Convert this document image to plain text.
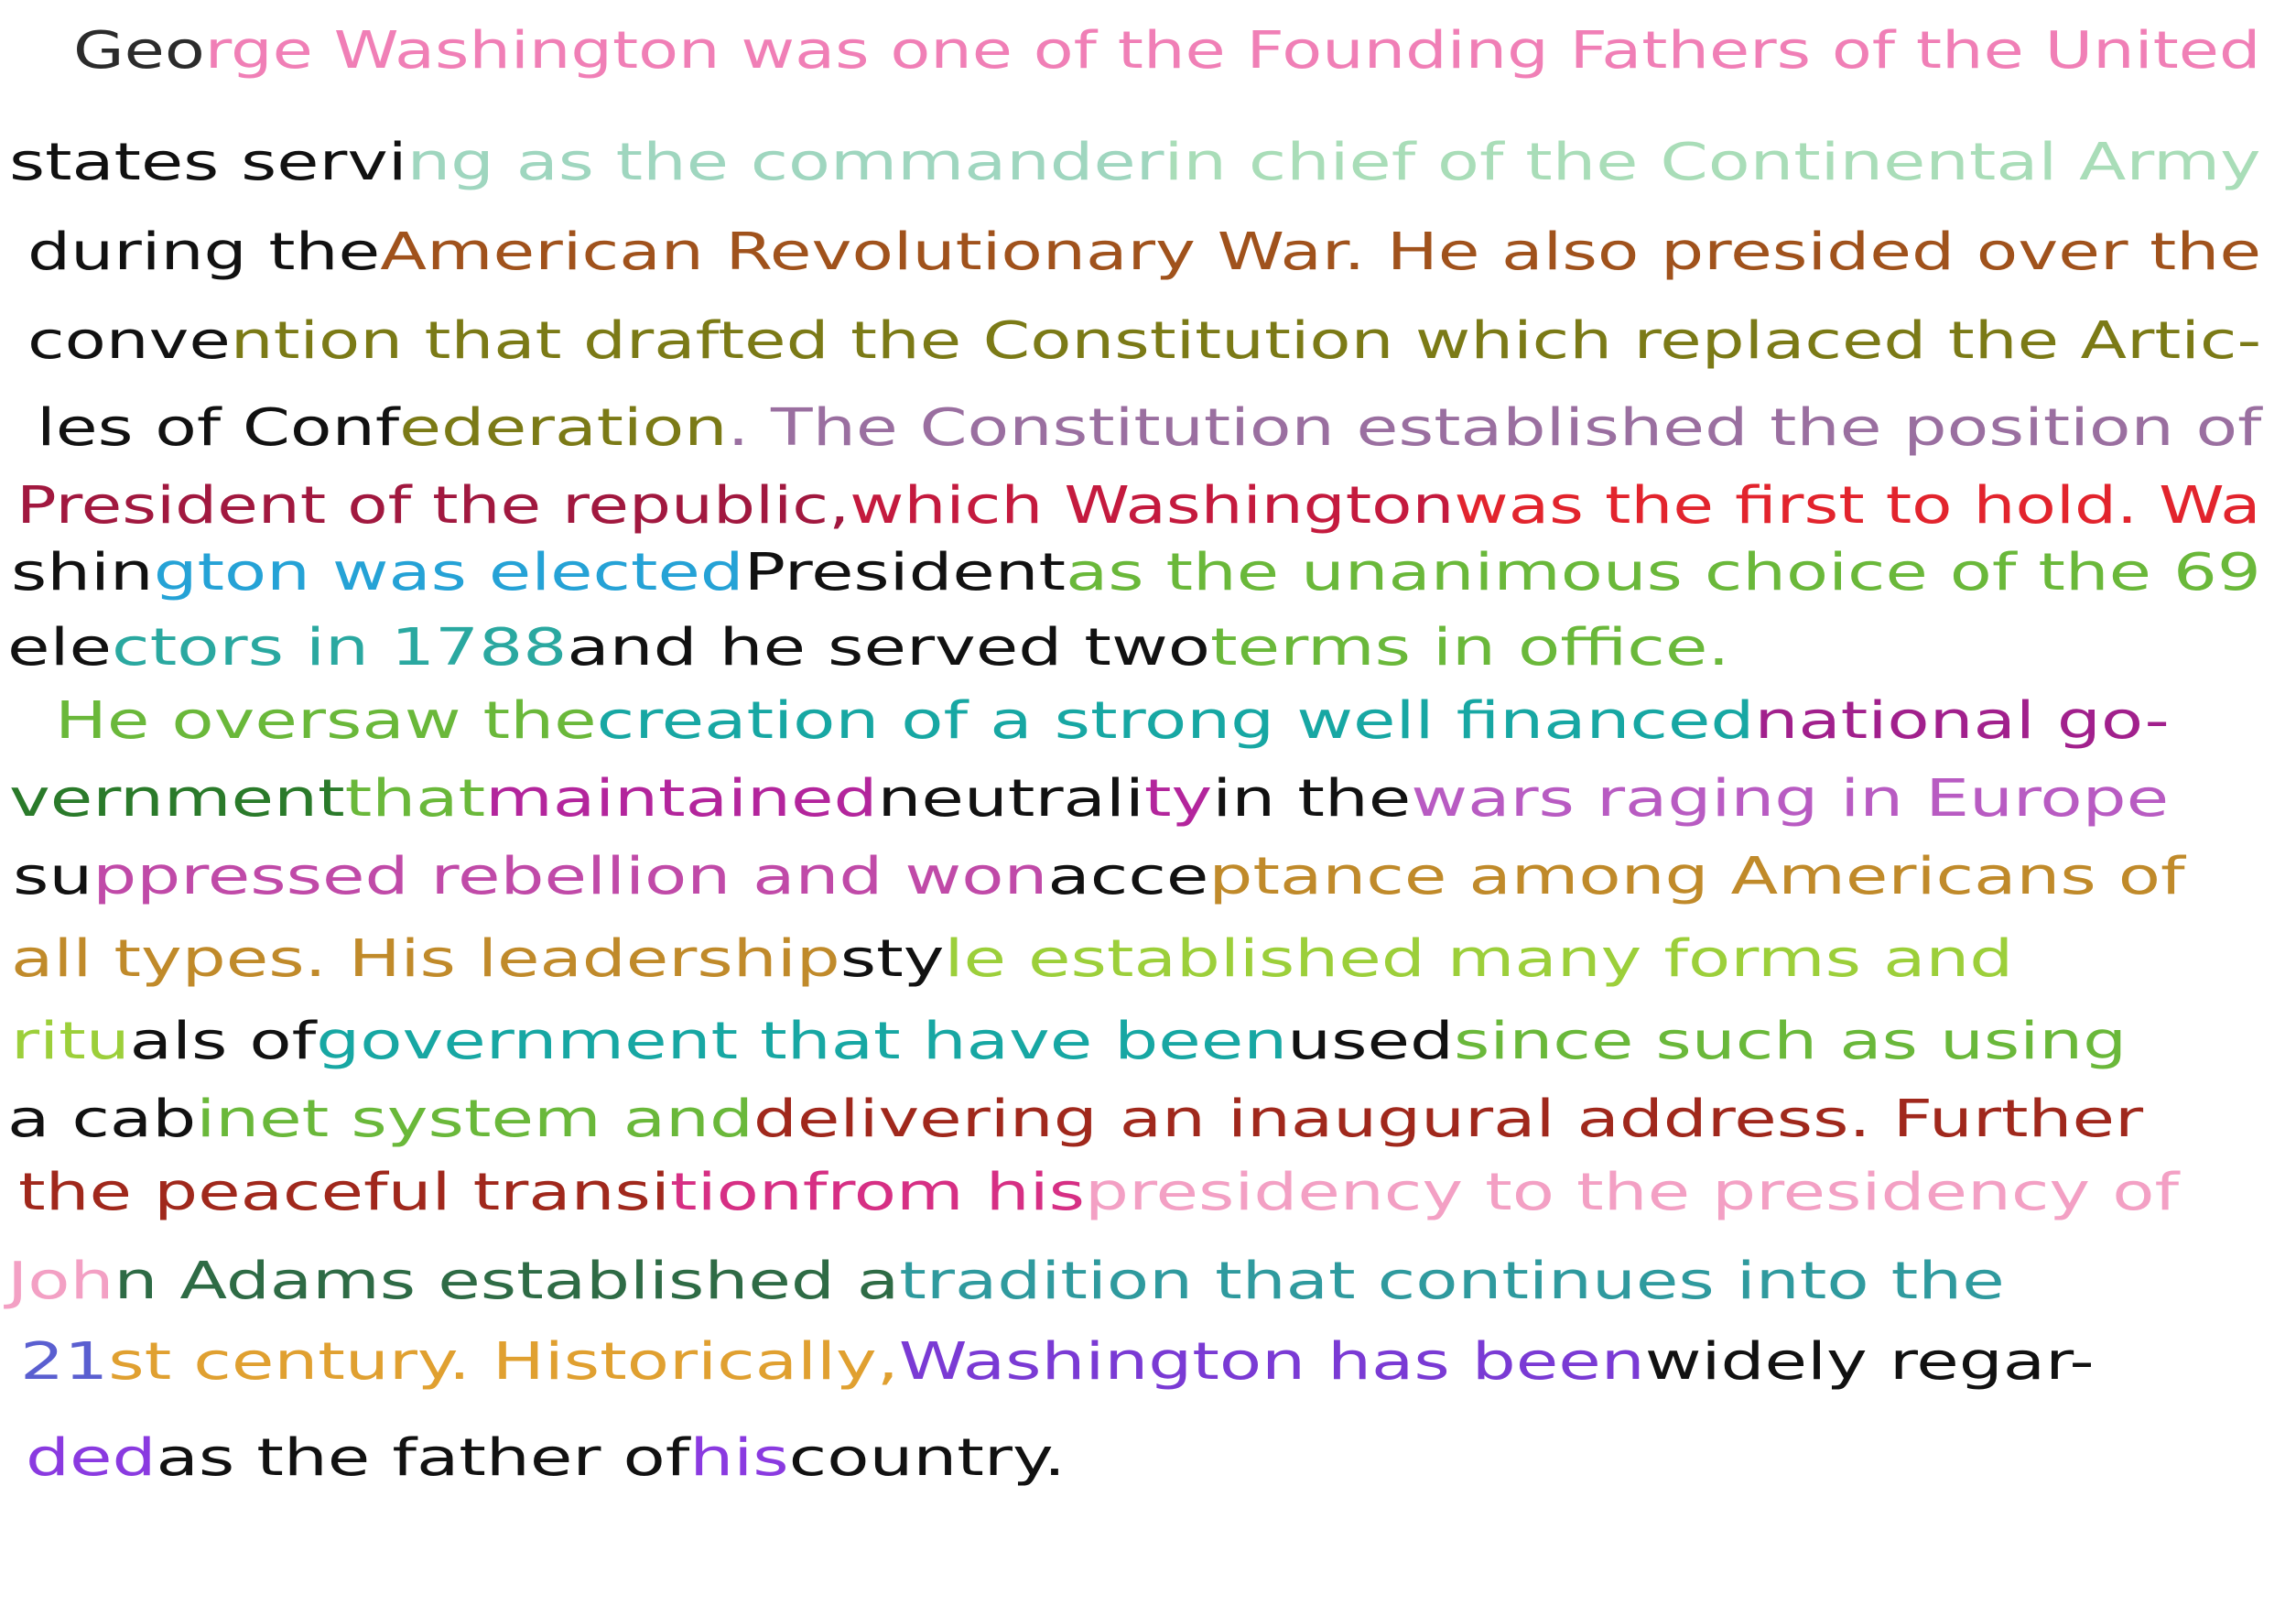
George Washington was one of the Founding Fathers of the United
states serving as the commanderin chief of the Continental Army
during theAmerican Revolutionary War. He also presided over the
convention that drafted the Constitution which replaced the Artic-
les of Confederation. The Constitution established the position of
President of the republic,which Washingtonwas the first to hold. Wa
shington was electedPresidentas the unanimous choice of the 69
electors in 1788and he served twoterms in office.
He oversaw thecreation of a strong well financednational go-
vernmentthatmaintainedneutralityin thewars raging in Europe
suppressed rebellion and wonacceptance among Americans of
all types. His leadershipstyle established many forms and
rituals ofgovernment that have beenusedsince such as using
a cabinet system anddelivering an inaugural address. Further
the peaceful transitionfrom hispresidency to the presidency of
John Adams established atradition that continues into the
21st century. Historically,Washington has beenwidely regar-
dedas the father ofhiscountry.
